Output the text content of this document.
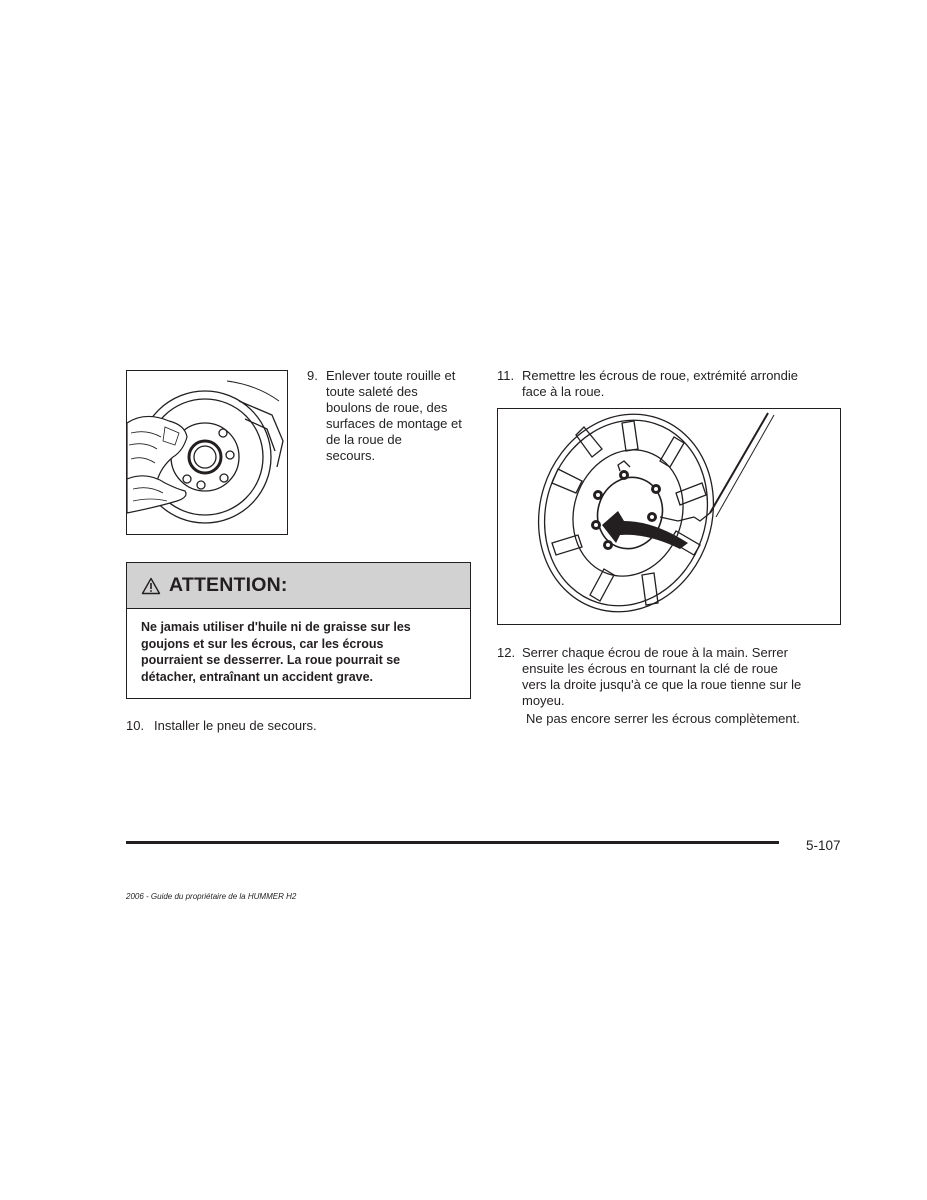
9. Enlever toute rouille et
toute saleté des
boulons de roue, des
surfaces de montage et
de la roue de
secours.
ATTENTION:
Ne jamais utiliser d'huile ni de graisse sur les
goujons et sur les écrous, car les écrous
pourraient se desserrer. La roue pourrait se
détacher, entraînant un accident grave.
10. Installer le pneu de secours.
11. Remettre les écrous de roue, extrémité arrondie
face à la roue.
12. Serrer chaque écrou de roue à la main. Serrer
ensuite les écrous en tournant la clé de roue
vers la droite jusqu'à ce que la roue tienne sur le
moyeu.
Ne pas encore serrer les écrous complètement.
5-107
2006 - Guide du propriétaire de la HUMMER H2
